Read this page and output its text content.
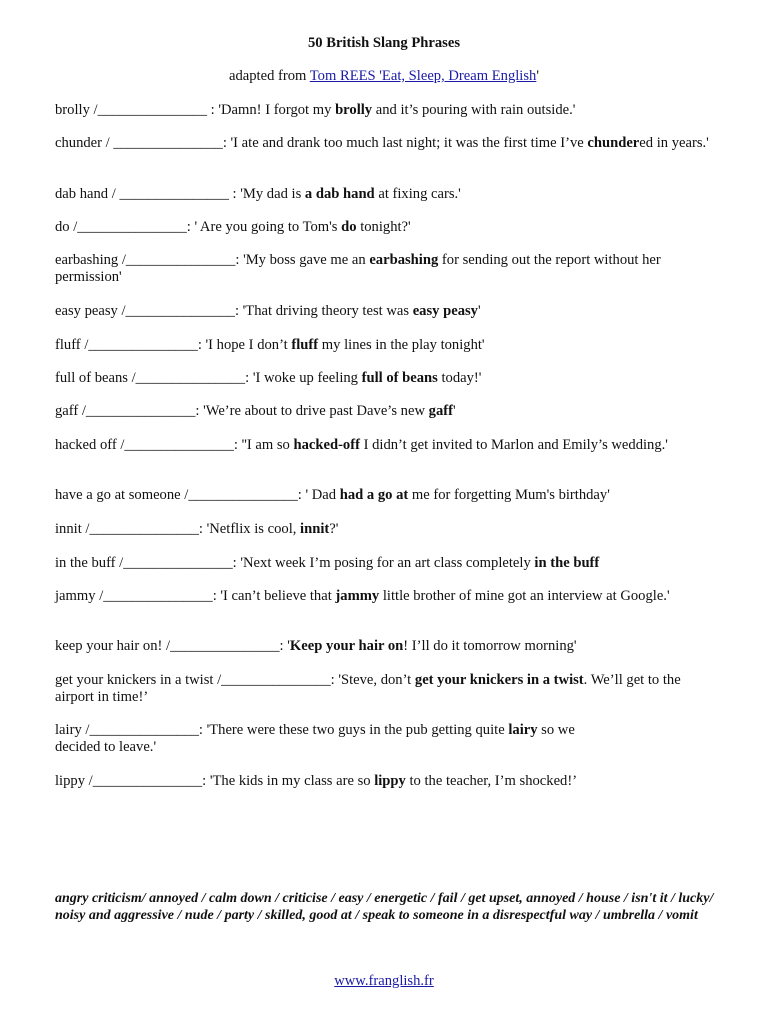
50 British Slang Phrases
adapted from Tom REES 'Eat, Sleep, Dream English'
brolly /_______________ : 'Damn! I forgot my brolly and it’s pouring with rain outside.'
chunder / _______________: 'I ate and drank too much last night; it was the first time I’ve chundered in years.'
dab hand / _______________ : 'My dad is a dab hand at fixing cars.'
do /_______________: ' Are you going to Tom's do tonight?'
earbashing /_______________: 'My boss gave me an earbashing for sending out the report without her permission'
easy peasy /_______________: 'That driving theory test was easy peasy'
fluff /_______________: 'I hope I don’t fluff my lines in the play tonight'
full of beans /_______________: 'I woke up feeling full of beans today!'
gaff /_______________: 'We’re about to drive past Dave’s new gaff'
hacked off /_______________: ''I am so hacked-off I didn’t get invited to Marlon and Emily’s wedding.'
have a go at someone /_______________: ' Dad had a go at me for forgetting Mum's birthday'
innit /_______________: 'Netflix is cool, innit?'
in the buff /_______________: 'Next week I’m posing for an art class completely in the buff
jammy /_______________: 'I can’t believe that jammy little brother of mine got an interview at Google.'
keep your hair on! /_______________: 'Keep your hair on! I’ll do it tomorrow morning'
get your knickers in a twist /_______________: 'Steve, don’t get your knickers in a twist. We’ll get to the airport in time!’
lairy /_______________: 'There were these two guys in the pub getting quite lairy so we
decided to leave.'
lippy /_______________: 'The kids in my class are so lippy to the teacher, I’m shocked!’
angry criticism/ annoyed / calm down / criticise / easy / energetic / fail / get upset, annoyed / house / isn't it / lucky/ noisy and aggressive / nude / party / skilled, good at / speak to someone in a disrespectful way / umbrella / vomit
www.franglish.fr
